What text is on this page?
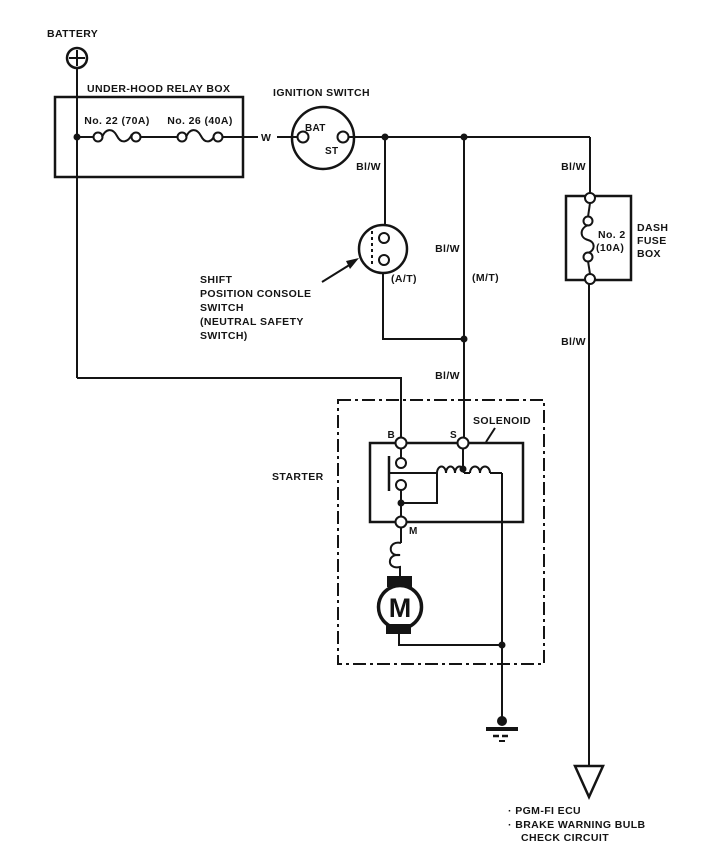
BATTERY
UNDER-HOOD RELAY BOX
No. 22 (70A) No. 26 (40A)
W
IGNITION SWITCH
BAT
ST
Bl/W
Bl/W
Bl/W
Bl/W
Bl/W
(A/T)	(M/T)
SHIFT
POSITION CONSOLE
SWITCH
(NEUTRAL SAFETY
SWITCH)
No. 2
(10A)
DASH
FUSE
BOX
STARTER
SOLENOID
B	S
M
M
· PGM-FI ECU
· BRAKE WARNING BULB
CHECK CIRCUIT
